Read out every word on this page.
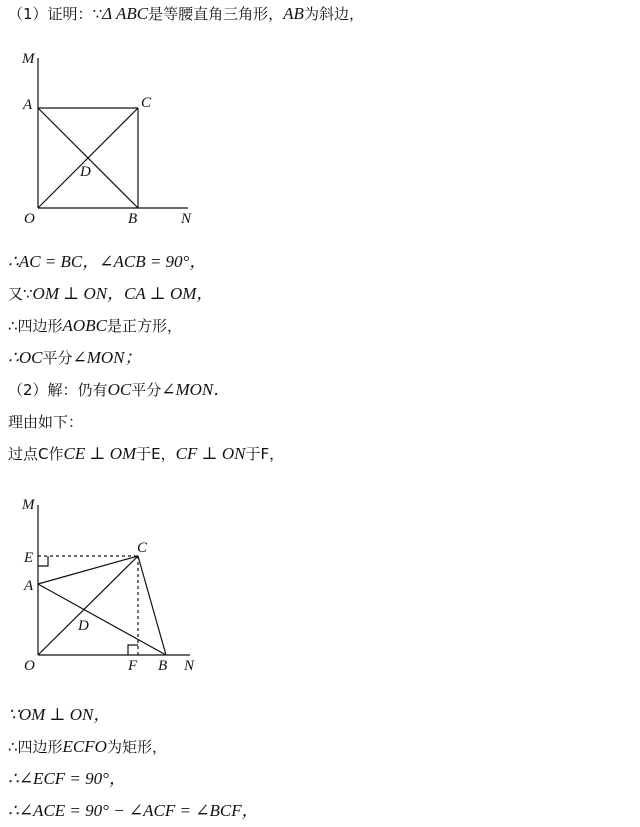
（1）证明：∵Δ ABC是等腰直角三角形，AB为斜边，
M
A	C
D
O	B	N
∴AC = BC，∠ACB = 90°，
又∵OM ⊥ ON，CA ⊥ OM，
∴四边形AOBC是正方形，
∴OC平分∠MON；
（2）解：仍有OC平分∠MON．
理由如下：
过点C作CE ⊥ OM于E，CF ⊥ ON于F，
M
E
C
A
D
O	F B N
∵OM ⊥ ON，
∴四边形ECFO为矩形，
∴∠ECF = 90°，
∴∠ACE = 90° − ∠ACF = ∠BCF，
